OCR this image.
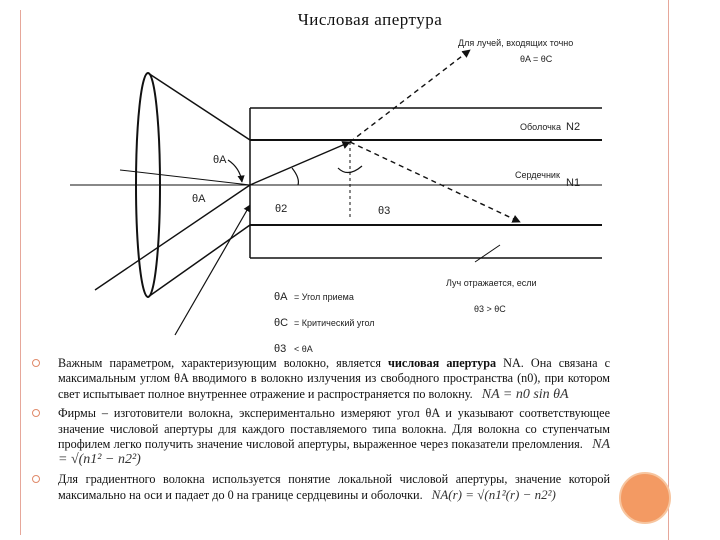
Числовая апертура
Для лучей, входящих точно
θA = θC
Оболочка N2
Сердечник
N1
θA
θA
θ2	θ3
Луч отражается, если
θ3 > θC
θA = Угол приема
θC = Критический угол
θ3 < θA
Важным параметром, характеризующим волокно, является числовая апертура NA. Она связана с максимальным углом θA вводимого в волокно излучения из свободного пространства (n0), при котором свет испытывает полное внутреннее отражение и распространяется по волокну. NA = n0 sin θA
Фирмы – изготовители волокна, экспериментально измеряют угол θA и указывают соответствующее значение числовой апертуры для каждого поставляемого типа волокна. Для волокна со ступенчатым профилем легко получить значение числовой апертуры, выраженное через показатели преломления. NA = √(n1² − n2²)
Для градиентного волокна используется понятие локальной числовой апертуры, значение которой максимально на оси и падает до 0 на границе сердцевины и оболочки. NA(r) = √(n1²(r) − n2²)
